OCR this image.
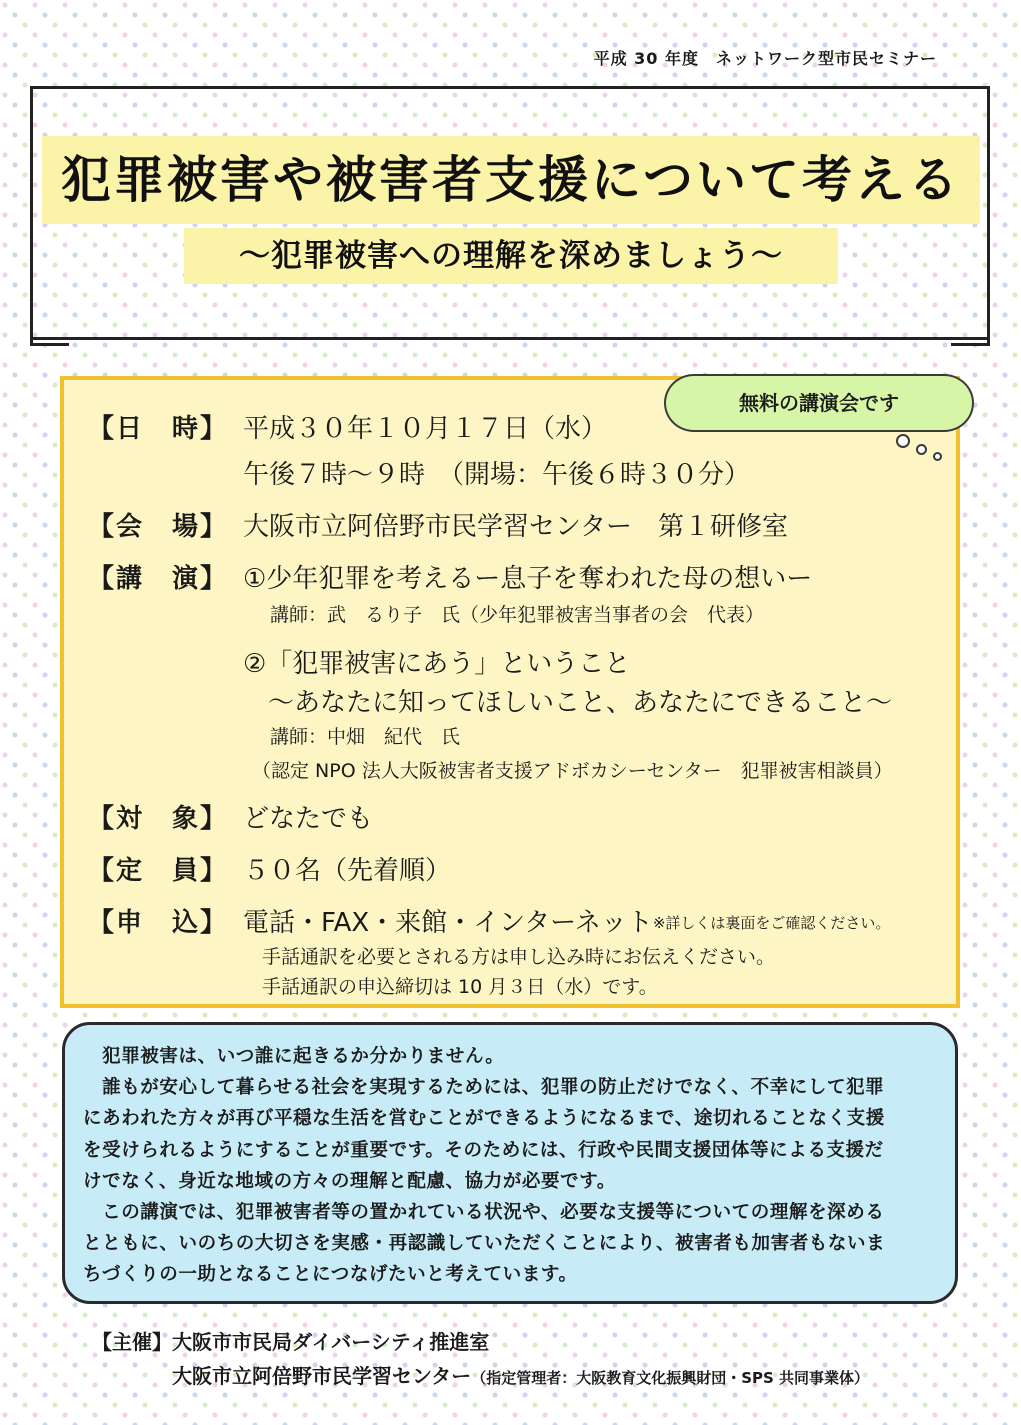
平成 30 年度　ネットワーク型市民セミナー
犯罪被害や被害者支援について考える
～犯罪被害への理解を深めましょう～
無料の講演会です
【日　時】 平成３０年１０月１７日（水）
午後７時～９時　（開場：午後６時３０分）
【会　場】 大阪市立阿倍野市民学習センター　第１研修室
【講　演】 ①少年犯罪を考えるー息子を奪われた母の想いー
講師：武　るり子　氏（少年犯罪被害当事者の会　代表）
②「犯罪被害にあう」ということ
～あなたに知ってほしいこと、あなたにできること～
講師：中畑　紀代　氏
（認定 NPO 法人大阪被害者支援アドボカシーセンター　犯罪被害相談員）
【対　象】 どなたでも
【定　員】 ５０名（先着順）
【申　込】 電話・FAX・来館・インターネット ※詳しくは裏面をご確認ください。
手話通訳を必要とされる方は申し込み時にお伝えください。
手話通訳の申込締切は 10 月３日（水）です。

　犯罪被害は、いつ誰に起きるか分かりません。

　誰もが安心して暮らせる社会を実現するためには、犯罪の防止だけでなく、不幸にして犯罪

にあわれた方々が再び平穏な生活を営むことができるようになるまで、途切れることなく支援

を受けられるようにすることが重要です。そのためには、行政や民間支援団体等による支援だ

けでなく、身近な地域の方々の理解と配慮、協力が必要です。

　この講演では、犯罪被害者等の置かれている状況や、必要な支援等についての理解を深める

とともに、いのちの大切さを実感・再認識していただくことにより、被害者も加害者もないま

ちづくりの一助となることにつなげたいと考えています。

【主催】大阪市市民局ダイバーシティ推進室
大阪市立阿倍野市民学習センター（指定管理者：大阪教育文化振興財団・SPS 共同事業体）
